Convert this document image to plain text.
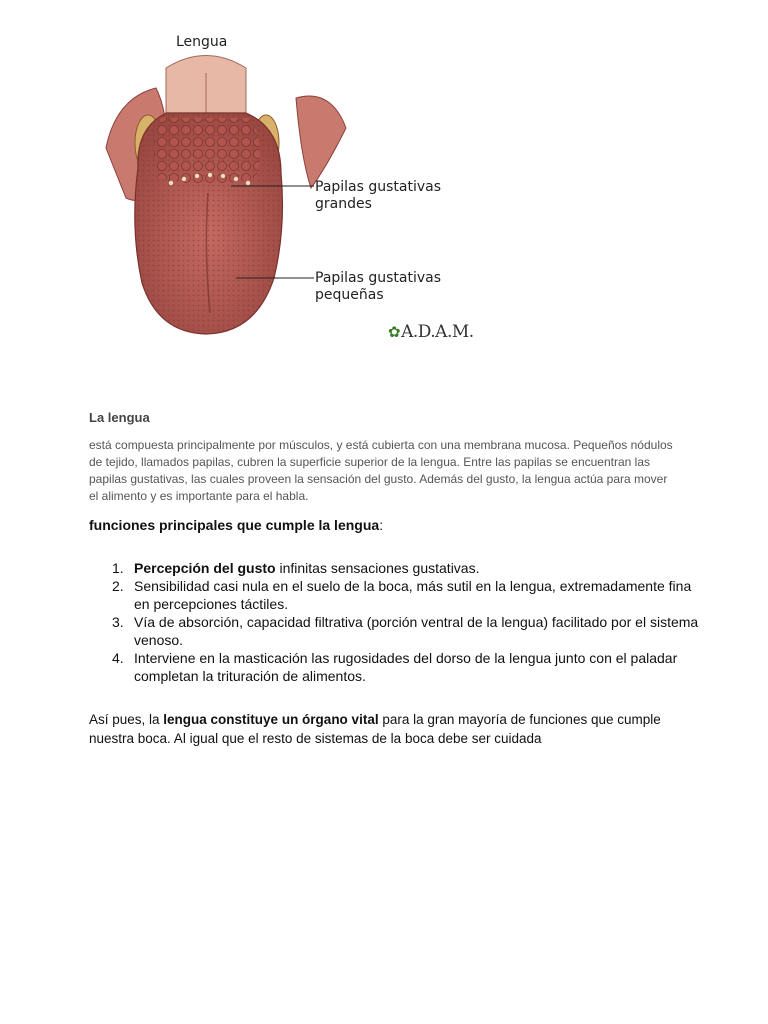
Lengua
Papilas gustativas
grandes
Papilas gustativas
pequeñas
✿A.D.A.M.
La lengua
está compuesta principalmente por músculos, y está cubierta con una membrana mucosa. Pequeños nódulos de tejido, llamados papilas, cubren la superficie superior de la lengua. Entre las papilas se encuentran las papilas gustativas, las cuales proveen la sensación del gusto. Además del gusto, la lengua actúa para mover el alimento y es importante para el habla.
funciones principales que cumple la lengua:
1. Percepción del gusto infinitas sensaciones gustativas.
2. Sensibilidad casi nula en el suelo de la boca, más sutil en la lengua, extremadamente fina en percepciones táctiles.
3. Vía de absorción, capacidad filtrativa (porción ventral de la lengua) facilitado por el sistema venoso.
4. Interviene en la masticación las rugosidades del dorso de la lengua junto con el paladar completan la trituración de alimentos.
Así pues, la lengua constituye un órgano vital para la gran mayoría de funciones que cumple nuestra boca. Al igual que el resto de sistemas de la boca debe ser cuidada
